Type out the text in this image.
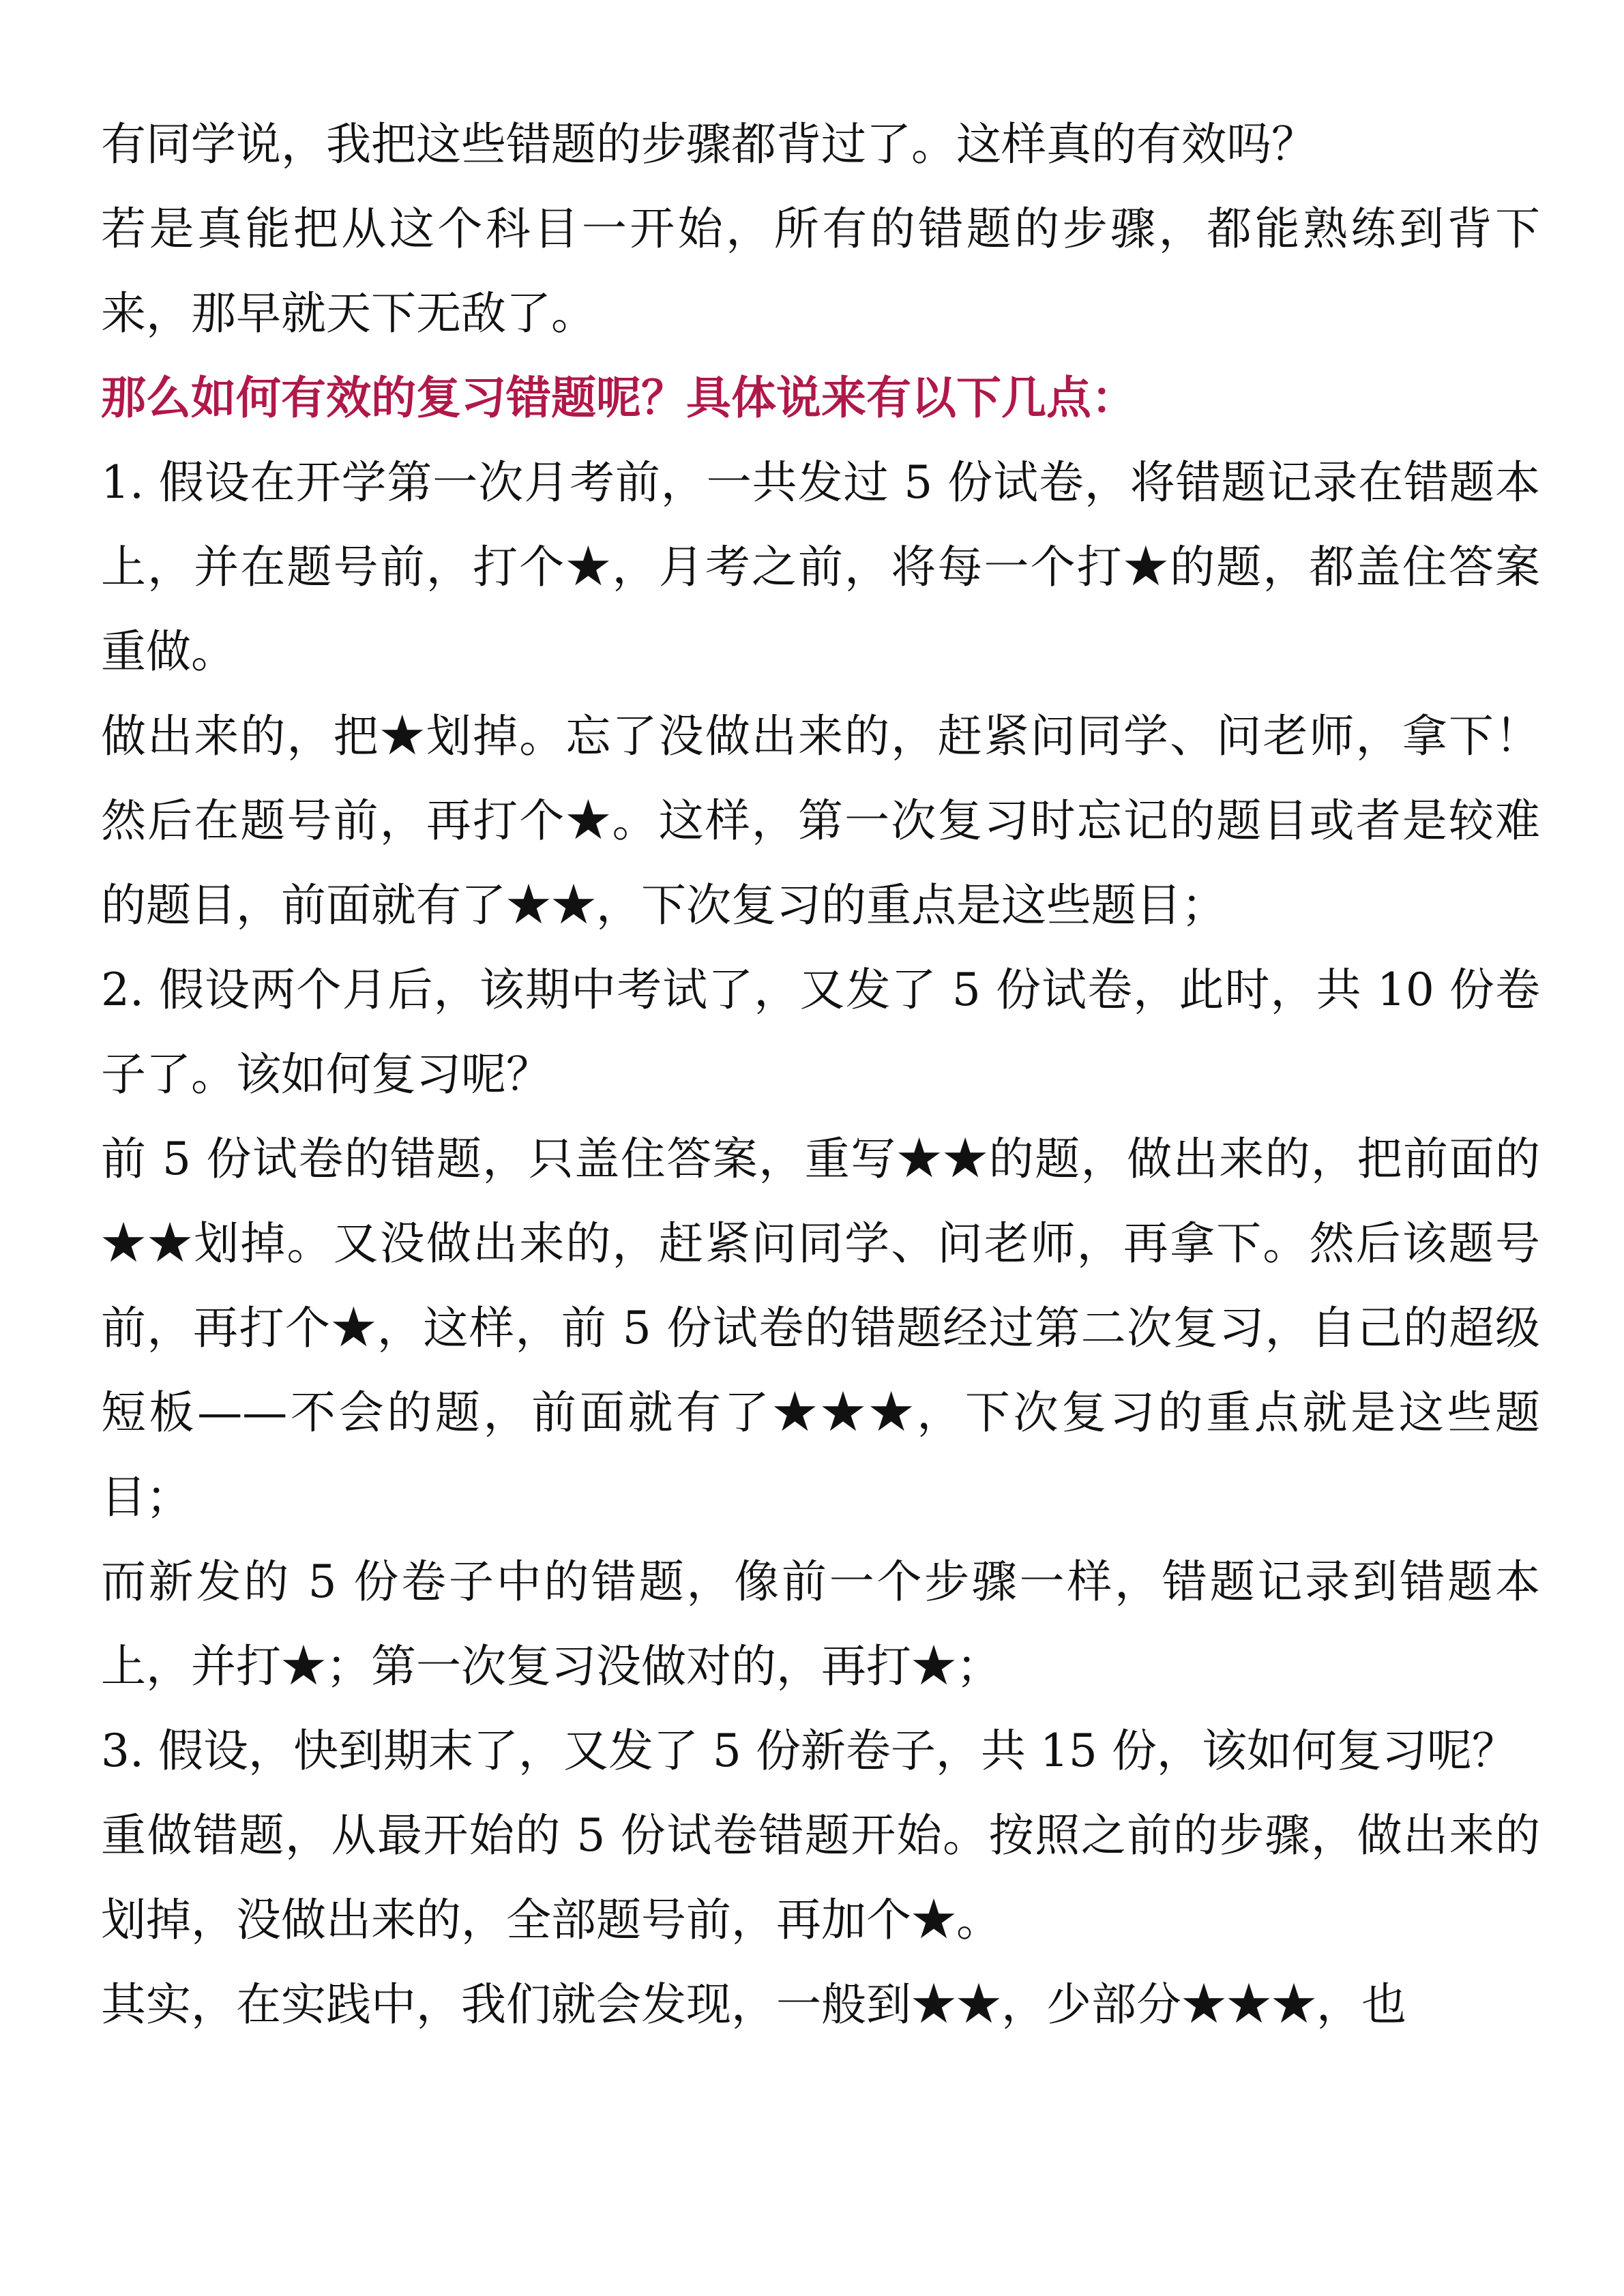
有同学说，我把这些错题的步骤都背过了。这样真的有效吗？

若是真能把从这个科目一开始，所有的错题的步骤，都能熟练到背下来，那早就天下无敌了。

那么如何有效的复习错题呢？具体说来有以下几点：

1. 假设在开学第一次月考前，一共发过 5 份试卷，将错题记录在错题本上，并在题号前，打个★，月考之前，将每一个打★的题，都盖住答案重做。

做出来的，把★划掉。忘了没做出来的，赶紧问同学、问老师，拿下！然后在题号前，再打个★。这样，第一次复习时忘记的题目或者是较难的题目，前面就有了★★，下次复习的重点是这些题目；

2. 假设两个月后，该期中考试了，又发了 5 份试卷，此时，共 10 份卷子了。该如何复习呢？

前 5 份试卷的错题，只盖住答案，重写★★的题，做出来的，把前面的★★划掉。又没做出来的，赶紧问同学、问老师，再拿下。然后该题号前，再打个★，这样，前 5 份试卷的错题经过第二次复习，自己的超级短板——不会的题，前面就有了★★★，下次复习的重点就是这些题目；

而新发的 5 份卷子中的错题，像前一个步骤一样，错题记录到错题本上，并打★；第一次复习没做对的，再打★；

3. 假设，快到期末了，又发了 5 份新卷子，共 15 份，该如何复习呢？

重做错题，从最开始的 5 份试卷错题开始。按照之前的步骤，做出来的划掉，没做出来的，全部题号前，再加个★。

其实，在实践中，我们就会发现，一般到★★，少部分★★★，也
